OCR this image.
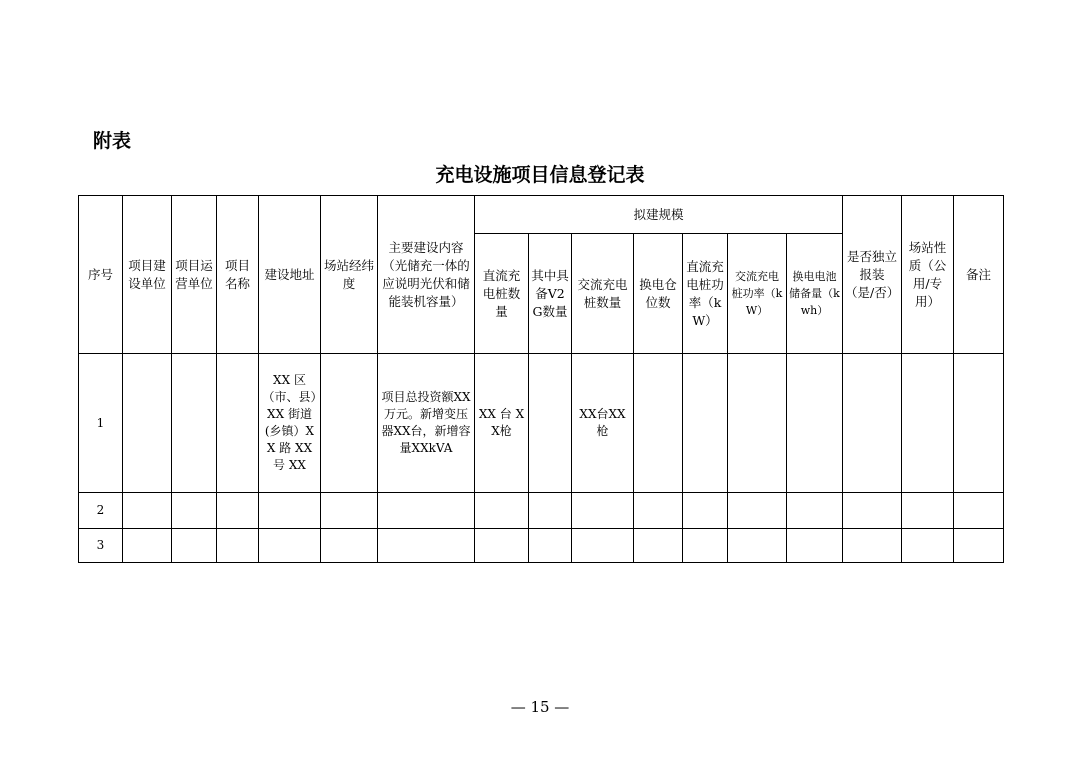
附表
充电设施项目信息登记表
序号	项目建设单位	项目运营单位	项目名称	建设地址	场站经纬度	主要建设内容（光储充一体的应说明光伏和储能装机容量）	拟建规模							是否独立报装（是/否）	场站性质（公用/专用）	备注
							直流充电桩数量	其中具备V2G数量	交流充电桩数量	换电仓位数	直流充电桩功率（kW）	交流充电桩功率（kW）	换电电池储备量（kwh）			
1				XX 区（市、县）XX 街道(乡镇）XX 路 XX 号 XX		项目总投资额XX万元。新增变压器XX台，新增容量XXkVA	XX 台 XX枪		XX台XX 枪							
2																
3																
— 15 —
